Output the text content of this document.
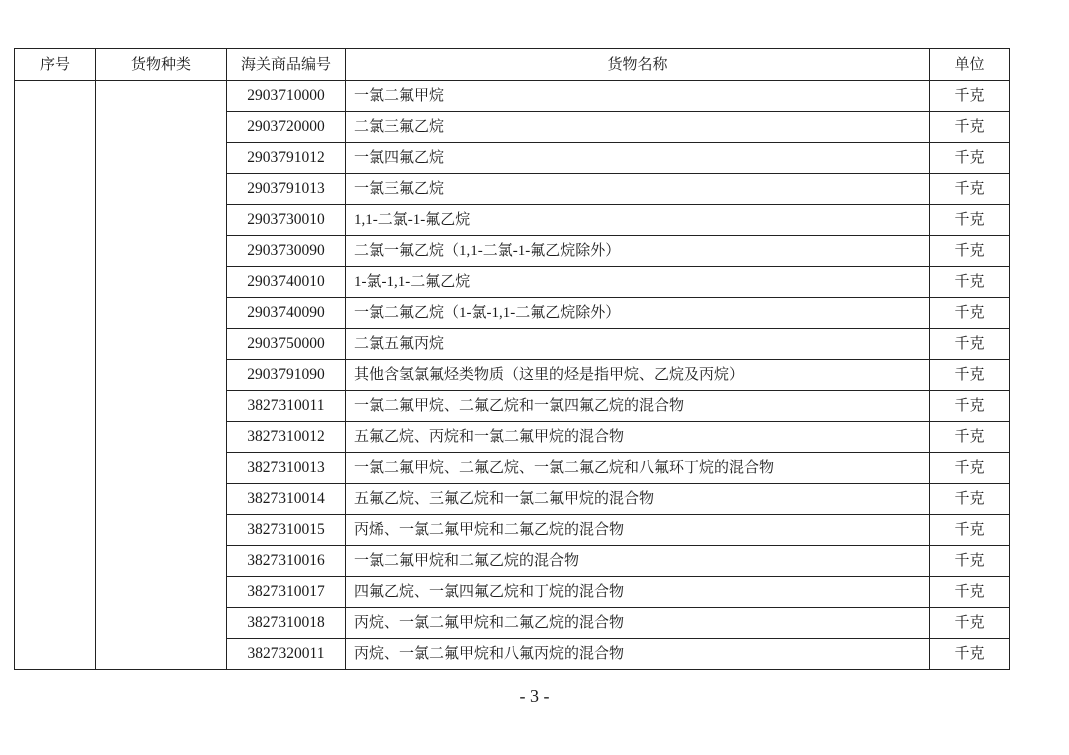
序号	货物种类	海关商品编号	货物名称	单位
		2903710000	一氯二氟甲烷	千克
		2903720000	二氯三氟乙烷	千克
		2903791012	一氯四氟乙烷	千克
		2903791013	一氯三氟乙烷	千克
		2903730010	1,1-二氯-1-氟乙烷	千克
		2903730090	二氯一氟乙烷（1,1-二氯-1-氟乙烷除外）	千克
		2903740010	1-氯-1,1-二氟乙烷	千克
		2903740090	一氯二氟乙烷（1-氯-1,1-二氟乙烷除外）	千克
		2903750000	二氯五氟丙烷	千克
		2903791090	其他含氢氯氟烃类物质（这里的烃是指甲烷、乙烷及丙烷）	千克
		3827310011	一氯二氟甲烷、二氟乙烷和一氯四氟乙烷的混合物	千克
		3827310012	五氟乙烷、丙烷和一氯二氟甲烷的混合物	千克
		3827310013	一氯二氟甲烷、二氟乙烷、一氯二氟乙烷和八氟环丁烷的混合物	千克
		3827310014	五氟乙烷、三氟乙烷和一氯二氟甲烷的混合物	千克
		3827310015	丙烯、一氯二氟甲烷和二氟乙烷的混合物	千克
		3827310016	一氯二氟甲烷和二氟乙烷的混合物	千克
		3827310017	四氟乙烷、一氯四氟乙烷和丁烷的混合物	千克
		3827310018	丙烷、一氯二氟甲烷和二氟乙烷的混合物	千克
		3827320011	丙烷、一氯二氟甲烷和八氟丙烷的混合物	千克
- 3 -
